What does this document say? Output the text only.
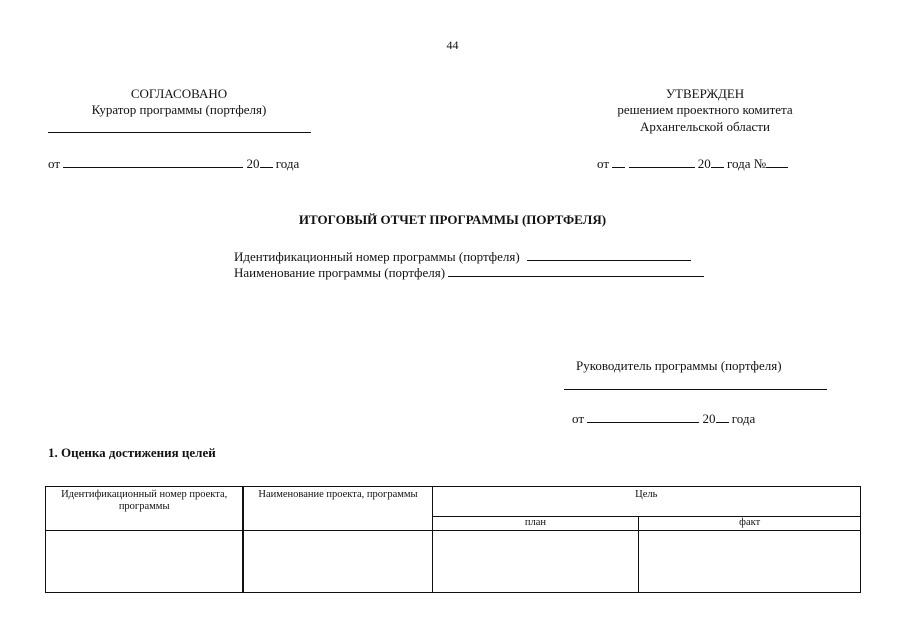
44
СОГЛАСОВАНО
Куратор программы (портфеля)
от	20 года
УТВЕРЖДЕН
решением проектного комитета
Архангельской области
от	20 года №
ИТОГОВЫЙ ОТЧЕТ ПРОГРАММЫ (ПОРТФЕЛЯ)
Идентификационный номер программы (портфеля)
Наименование программы (портфеля)
Руководитель программы (портфеля)
от	20 года
1. Оценка достижения целей
Идентификационный номер проекта, программы	Наименование проекта, программы	Цель	
		план	факт
